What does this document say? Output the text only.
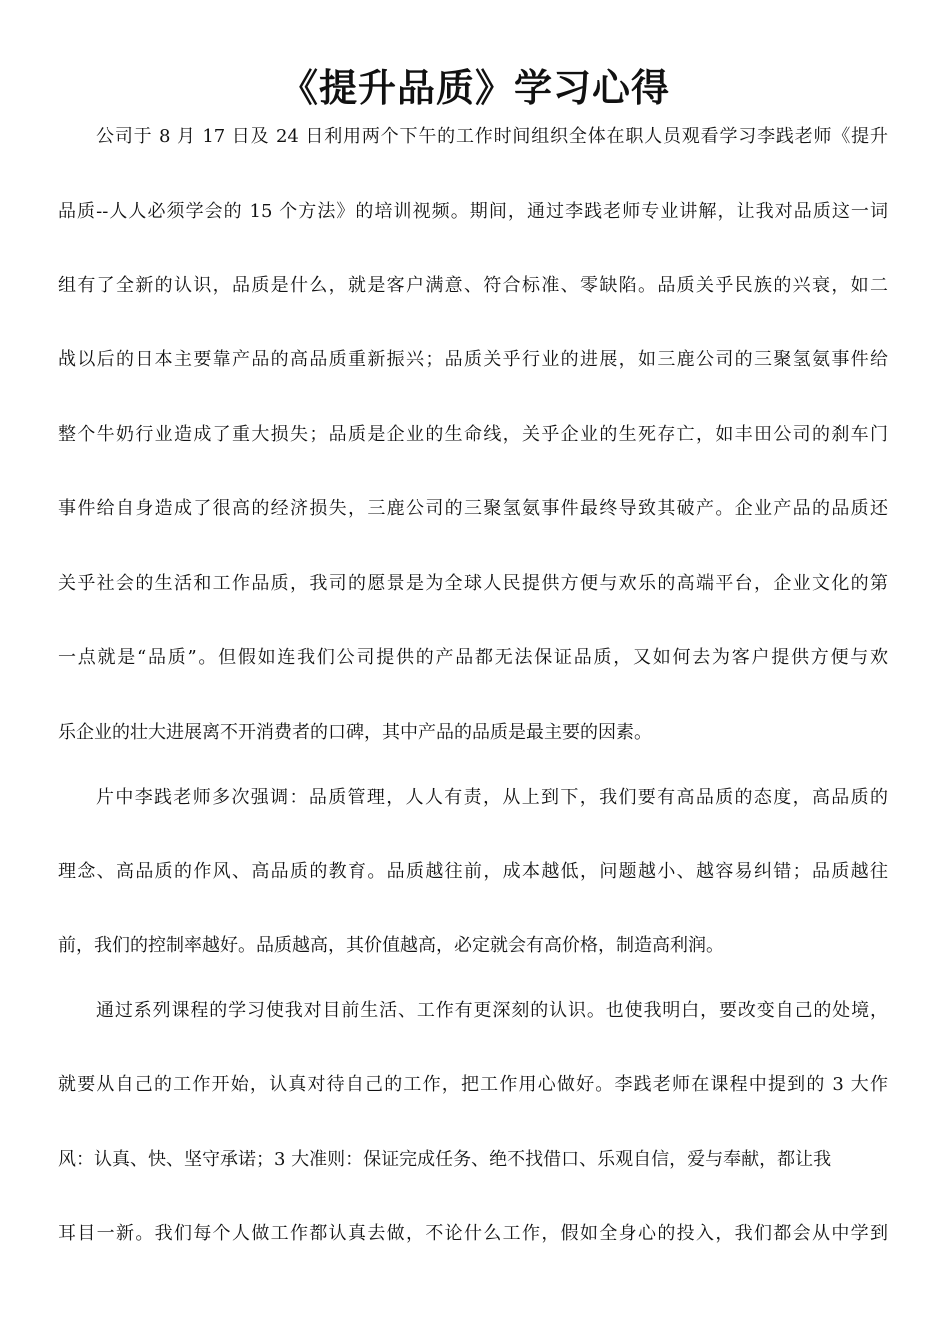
《提升品质》学习心得

公司于 8 月 17 日及 24 日利用两个下午的工作时间组织全体在职人员观看学习李践老师《提升

品质--人人必须学会的 15 个方法》的培训视频。期间，通过李践老师专业讲解，让我对品质这一词

组有了全新的认识，品质是什么，就是客户满意、符合标准、零缺陷。品质关乎民族的兴衰，如二

战以后的日本主要靠产品的高品质重新振兴；品质关乎行业的进展，如三鹿公司的三聚氢氨事件给

整个牛奶行业造成了重大损失；品质是企业的生命线，关乎企业的生死存亡，如丰田公司的刹车门

事件给自身造成了很高的经济损失，三鹿公司的三聚氢氨事件最终导致其破产。企业产品的品质还

关乎社会的生活和工作品质，我司的愿景是为全球人民提供方便与欢乐的高端平台，企业文化的第

一点就是“品质”。但假如连我们公司提供的产品都无法保证品质，又如何去为客户提供方便与欢

乐企业的壮大进展离不开消费者的口碑，其中产品的品质是最主要的因素。

片中李践老师多次强调：品质管理，人人有责，从上到下，我们要有高品质的态度，高品质的

理念、高品质的作风、高品质的教育。品质越往前，成本越低，问题越小、越容易纠错；品质越往

前，我们的控制率越好。品质越高，其价值越高，必定就会有高价格，制造高利润。

通过系列课程的学习使我对目前生活、工作有更深刻的认识。也使我明白，要改变自己的处境，

就要从自己的工作开始，认真对待自己的工作，把工作用心做好。李践老师在课程中提到的 3 大作

风：认真、快、坚守承诺；3 大准则：保证完成任务、绝不找借口、乐观自信，爱与奉献，都让我

耳目一新。我们每个人做工作都认真去做，不论什么工作，假如全身心的投入，我们都会从中学到
